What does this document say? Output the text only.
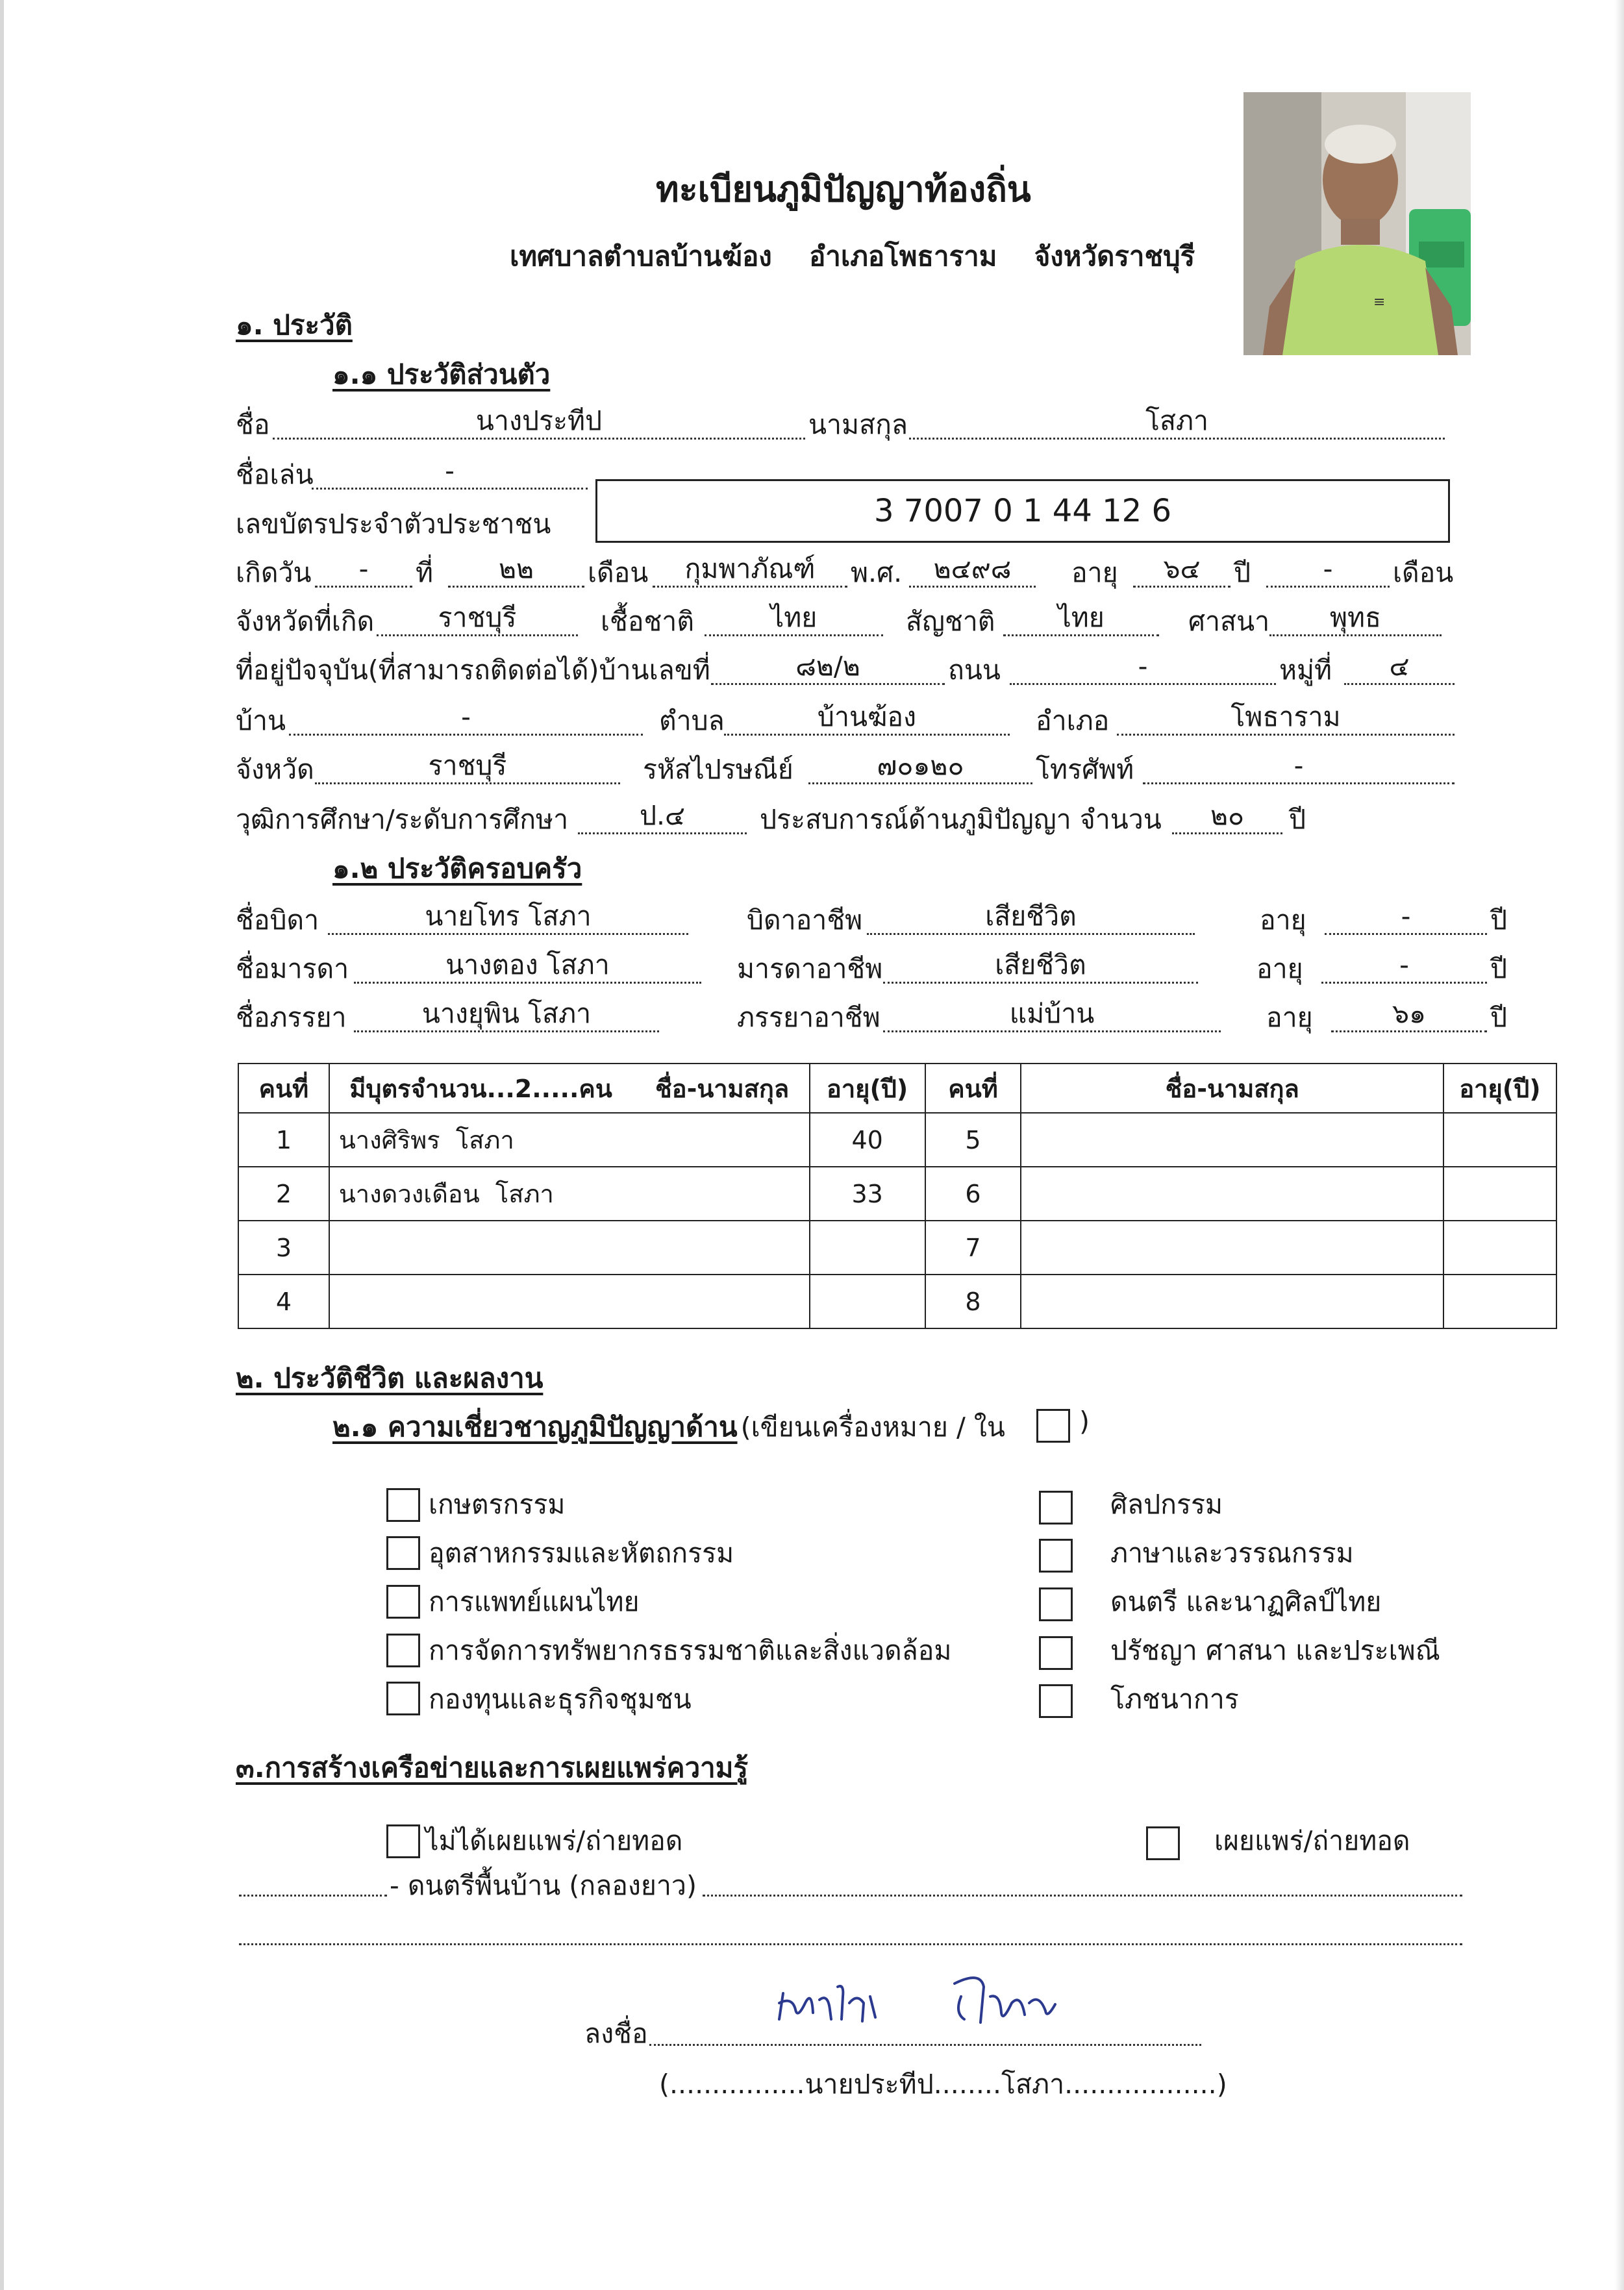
ทะเบียนภูมิปัญญาท้องถิ่น
เทศบาลตำบลบ้านฆ้อง อำเภอโพธาราม จังหวัดราชบุรี
≡
๑. ประวัติ
๑.๑ ประวัติส่วนตัว
ชื่อ	นางประทีป	นามสกุล	โสภา
ชื่อเล่น	-
เลขบัตรประจำตัวประชาชน	3 7007 0 1 44 12 6
เกิดวัน	-	ที่	๒๒	เดือน	กุมพาภัณฑ์	พ.ศ.	๒๔๙๘	อายุ	๖๔	ปี	-	เดือน
จังหวัดที่เกิด	ราชบุรี	เชื้อชาติ	ไทย	สัญชาติ	ไทย	ศาสนา	พุทธ
ที่อยู่ปัจจุบัน(ที่สามารถติดต่อได้)บ้านเลขที่	๘๒/๒	ถนน	-	หมู่ที่	๔
บ้าน	-	ตำบล	บ้านฆ้อง	อำเภอ	โพธาราม
จังหวัด	ราชบุรี	รหัสไปรษณีย์	๗๐๑๒๐	โทรศัพท์	-
วุฒิการศึกษา/ระดับการศึกษา	ป.๔	ประสบการณ์ด้านภูมิปัญญา จำนวน	๒๐	ปี
๑.๒ ประวัติครอบครัว
ชื่อบิดา	นายโทร โสภา	บิดาอาชีพ	เสียชีวิต	อายุ	-	ปี
ชื่อมารดา	นางตอง โสภา	มารดาอาชีพ	เสียชีวิต	อายุ	-	ปี
ชื่อภรรยา	นางยุพิน โสภา	ภรรยาอาชีพ	แม่บ้าน	อายุ	๖๑	ปี
คนที่	มีบุตรจำนวน...2.....คน     ชื่อ-นามสกุล	อายุ(ปี)	คนที่	ชื่อ-นามสกุล	อายุ(ปี)
1	นางศิริพร  โสภา	40	5		
2	นางดวงเดือน  โสภา	33	6		
3			7		
4			8		
๒. ประวัติชีวิต และผลงาน
๒.๑ ความเชี่ยวชาญภูมิปัญญาด้าน (เขียนเครื่องหมาย / ใน	)
เกษตรกรรม
อุตสาหกรรมและหัตถกรรม
การแพทย์แผนไทย
การจัดการทรัพยากรธรรมชาติและสิ่งแวดล้อม
กองทุนและธุรกิจชุมชน
ศิลปกรรม
ภาษาและวรรณกรรม
ดนตรี และนาฏศิลป์ไทย
ปรัชญา ศาสนา และประเพณี
โภชนาการ
๓.การสร้างเครือข่ายและการเผยแพร่ความรู้
ไม่ได้เผยแพร่/ถ่ายทอด	เผยแพร่/ถ่ายทอด
- ดนตรีพื้นบ้าน (กลองยาว)
ลงชื่อ
(................นายประทีป........โสภา..................)
